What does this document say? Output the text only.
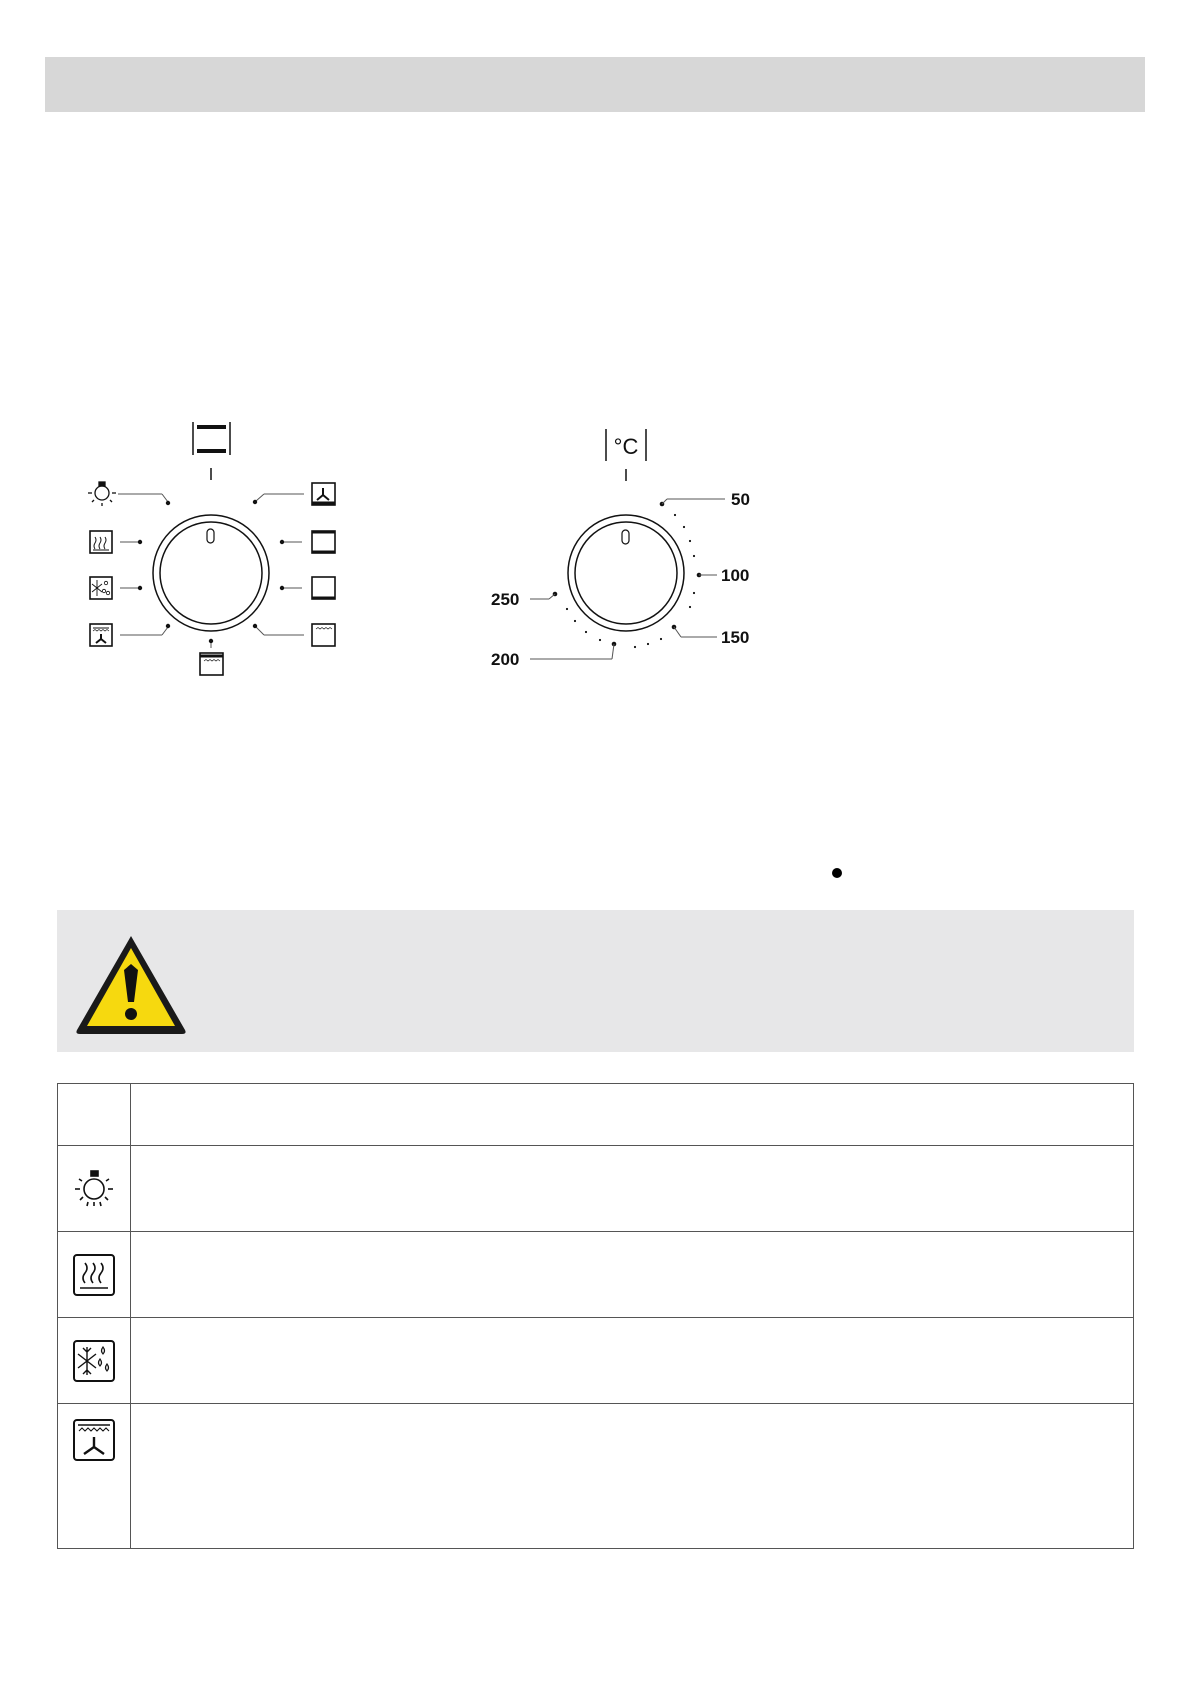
°C
50
100
150
200
250
